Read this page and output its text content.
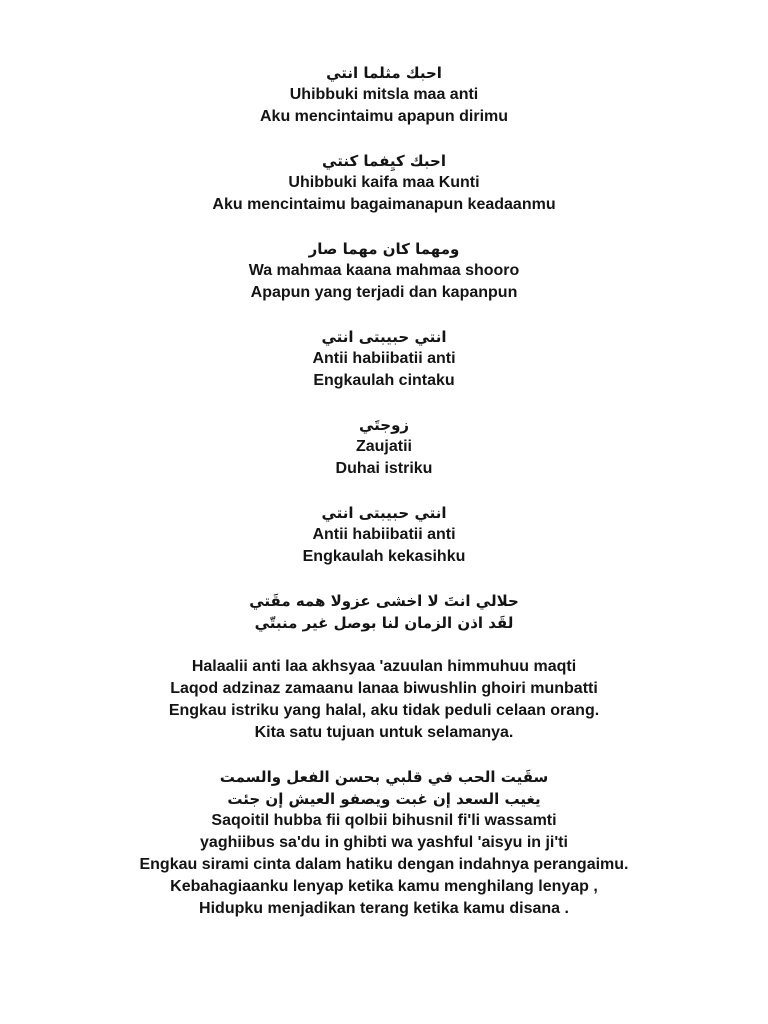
احبك مثلما انتي
Uhibbuki mitsla maa anti
Aku mencintaimu apapun dirimu
احبك كيِفما كنتي
Uhibbuki kaifa maa Kunti
Aku mencintaimu bagaimanapun keadaanmu
ومهما كان مهما صار
Wa mahmaa kaana mahmaa shooro
Apapun yang terjadi dan kapanpun
انتي حبيبتى انتي
Antii habiibatii anti
Engkaulah cintaku
زوجتَي
Zaujatii
Duhai istriku
انتي حبيبتى انتي
Antii habiibatii anti
Engkaulah kekasihku
حلالي انتَ لا اخشى عزولا همه مقَتي
لقَد اذن الزمان لنا بوصل غير منبتّي
Halaalii anti laa akhsyaa 'azuulan himmuhuu maqti
Laqod adzinaz zamaanu lanaa biwushlin ghoiri munbatti
Engkau istriku yang halal, aku tidak peduli celaan orang.
Kita satu tujuan untuk selamanya.
سقَيت الحب في قلبي بحسن الفعل والسمت
يغيب السعد إن غبت ويصفو العيش إن جئت
Saqoitil hubba fii qolbii bihusnil fi'li wassamti
yaghiibus sa'du in ghibti wa yashful 'aisyu in ji'ti
Engkau sirami cinta dalam hatiku dengan indahnya perangaimu.
Kebahagiaanku lenyap ketika kamu menghilang lenyap ,
Hidupku menjadikan terang ketika kamu disana .
